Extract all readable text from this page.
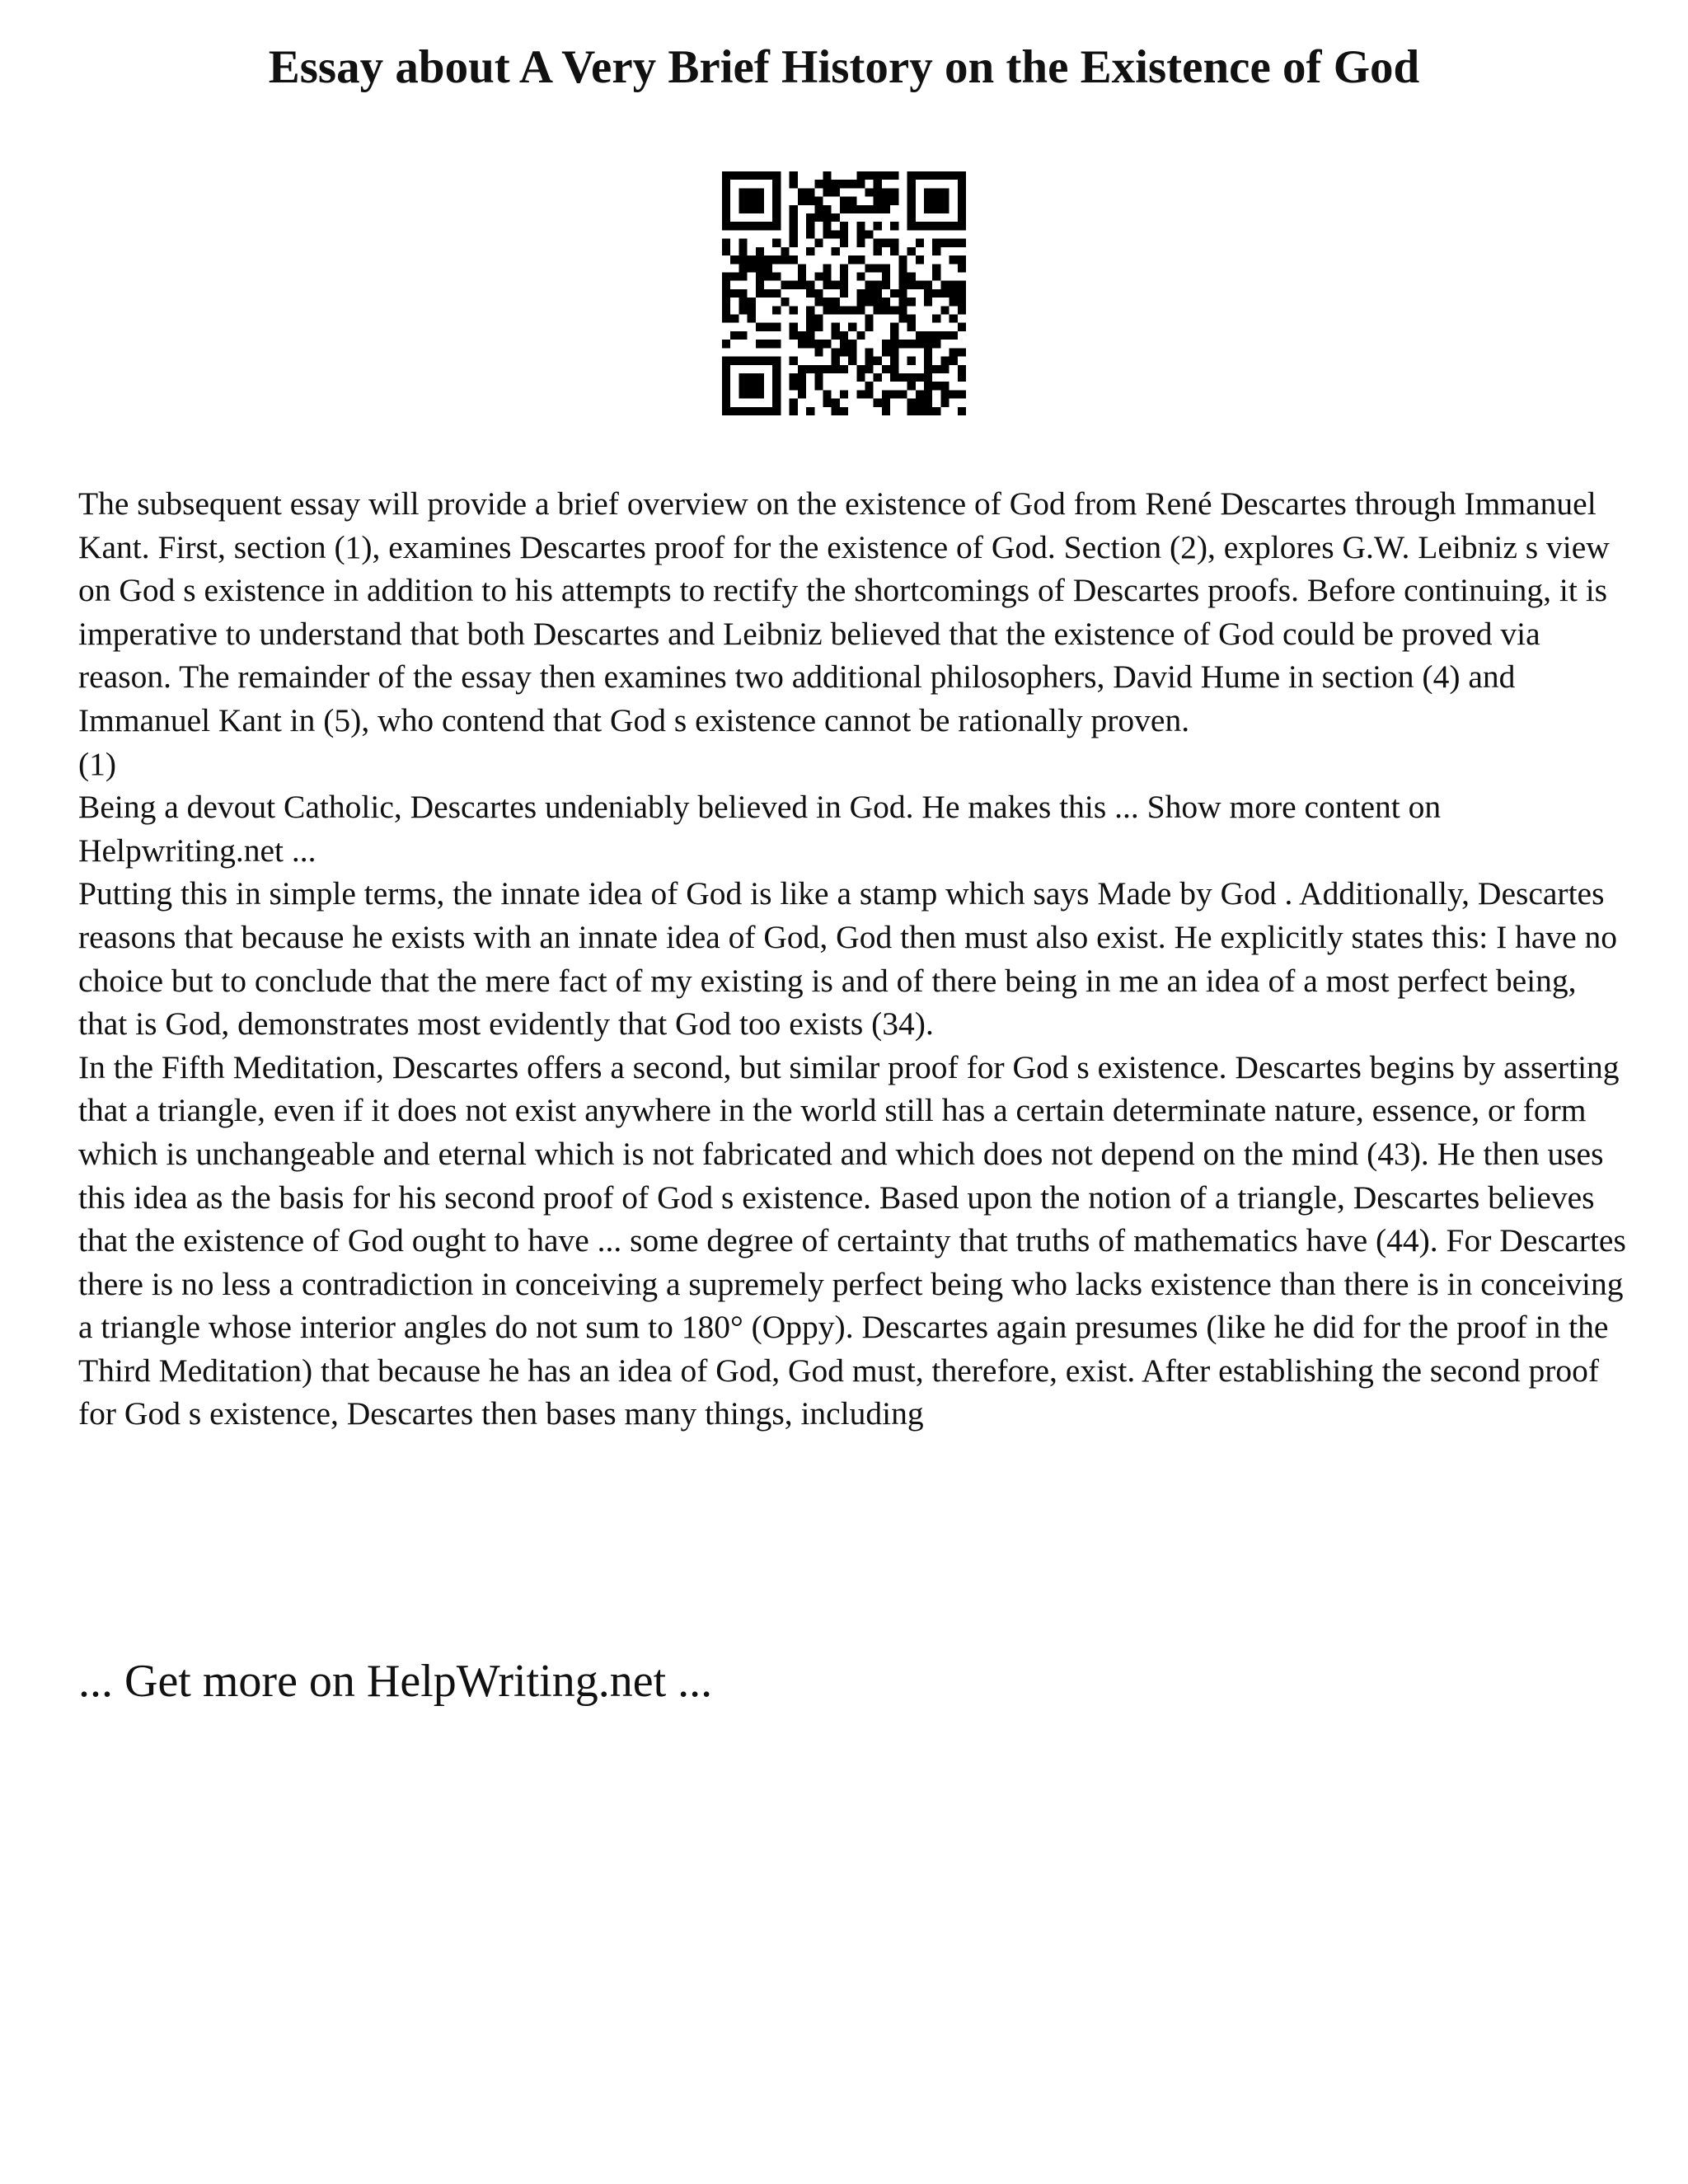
Essay about A Very Brief History on the Existence of God

The subsequent essay will provide a brief overview on the existence of God from René Descartes through Immanuel Kant. First, section (1), examines Descartes proof for the existence of God. Section (2), explores G.W. Leibniz s view on God s existence in addition to his attempts to rectify the shortcomings of Descartes proofs. Before continuing, it is imperative to understand that both Descartes and Leibniz believed that the existence of God could be proved via reason. The remainder of the essay then examines two additional philosophers, David Hume in section (4) and Immanuel Kant in (5), who contend that God s existence cannot be rationally proven.

(1)

Being a devout Catholic, Descartes undeniably believed in God. He makes this ... Show more content on Helpwriting.net ...

Putting this in simple terms, the innate idea of God is like a stamp which says Made by God . Additionally, Descartes reasons that because he exists with an innate idea of God, God then must also exist. He explicitly states this: I have no choice but to conclude that the mere fact of my existing is and of there being in me an idea of a most perfect being, that is God, demonstrates most evidently that God too exists (34).

In the Fifth Meditation, Descartes offers a second, but similar proof for God s existence. Descartes begins by asserting that a triangle, even if it does not exist anywhere in the world still has a certain determinate nature, essence, or form which is unchangeable and eternal which is not fabricated and which does not depend on the mind (43). He then uses this idea as the basis for his second proof of God s existence. Based upon the notion of a triangle, Descartes believes that the existence of God ought to have ... some degree of certainty that truths of mathematics have (44). For Descartes there is no less a contradiction in conceiving a supremely perfect being who lacks existence than there is in conceiving a triangle whose interior angles do not sum to 180° (Oppy). Descartes again presumes (like he did for the proof in the Third Meditation) that because he has an idea of God, God must, therefore, exist. After establishing the second proof for God s existence, Descartes then bases many things, including

... Get more on HelpWriting.net ...
